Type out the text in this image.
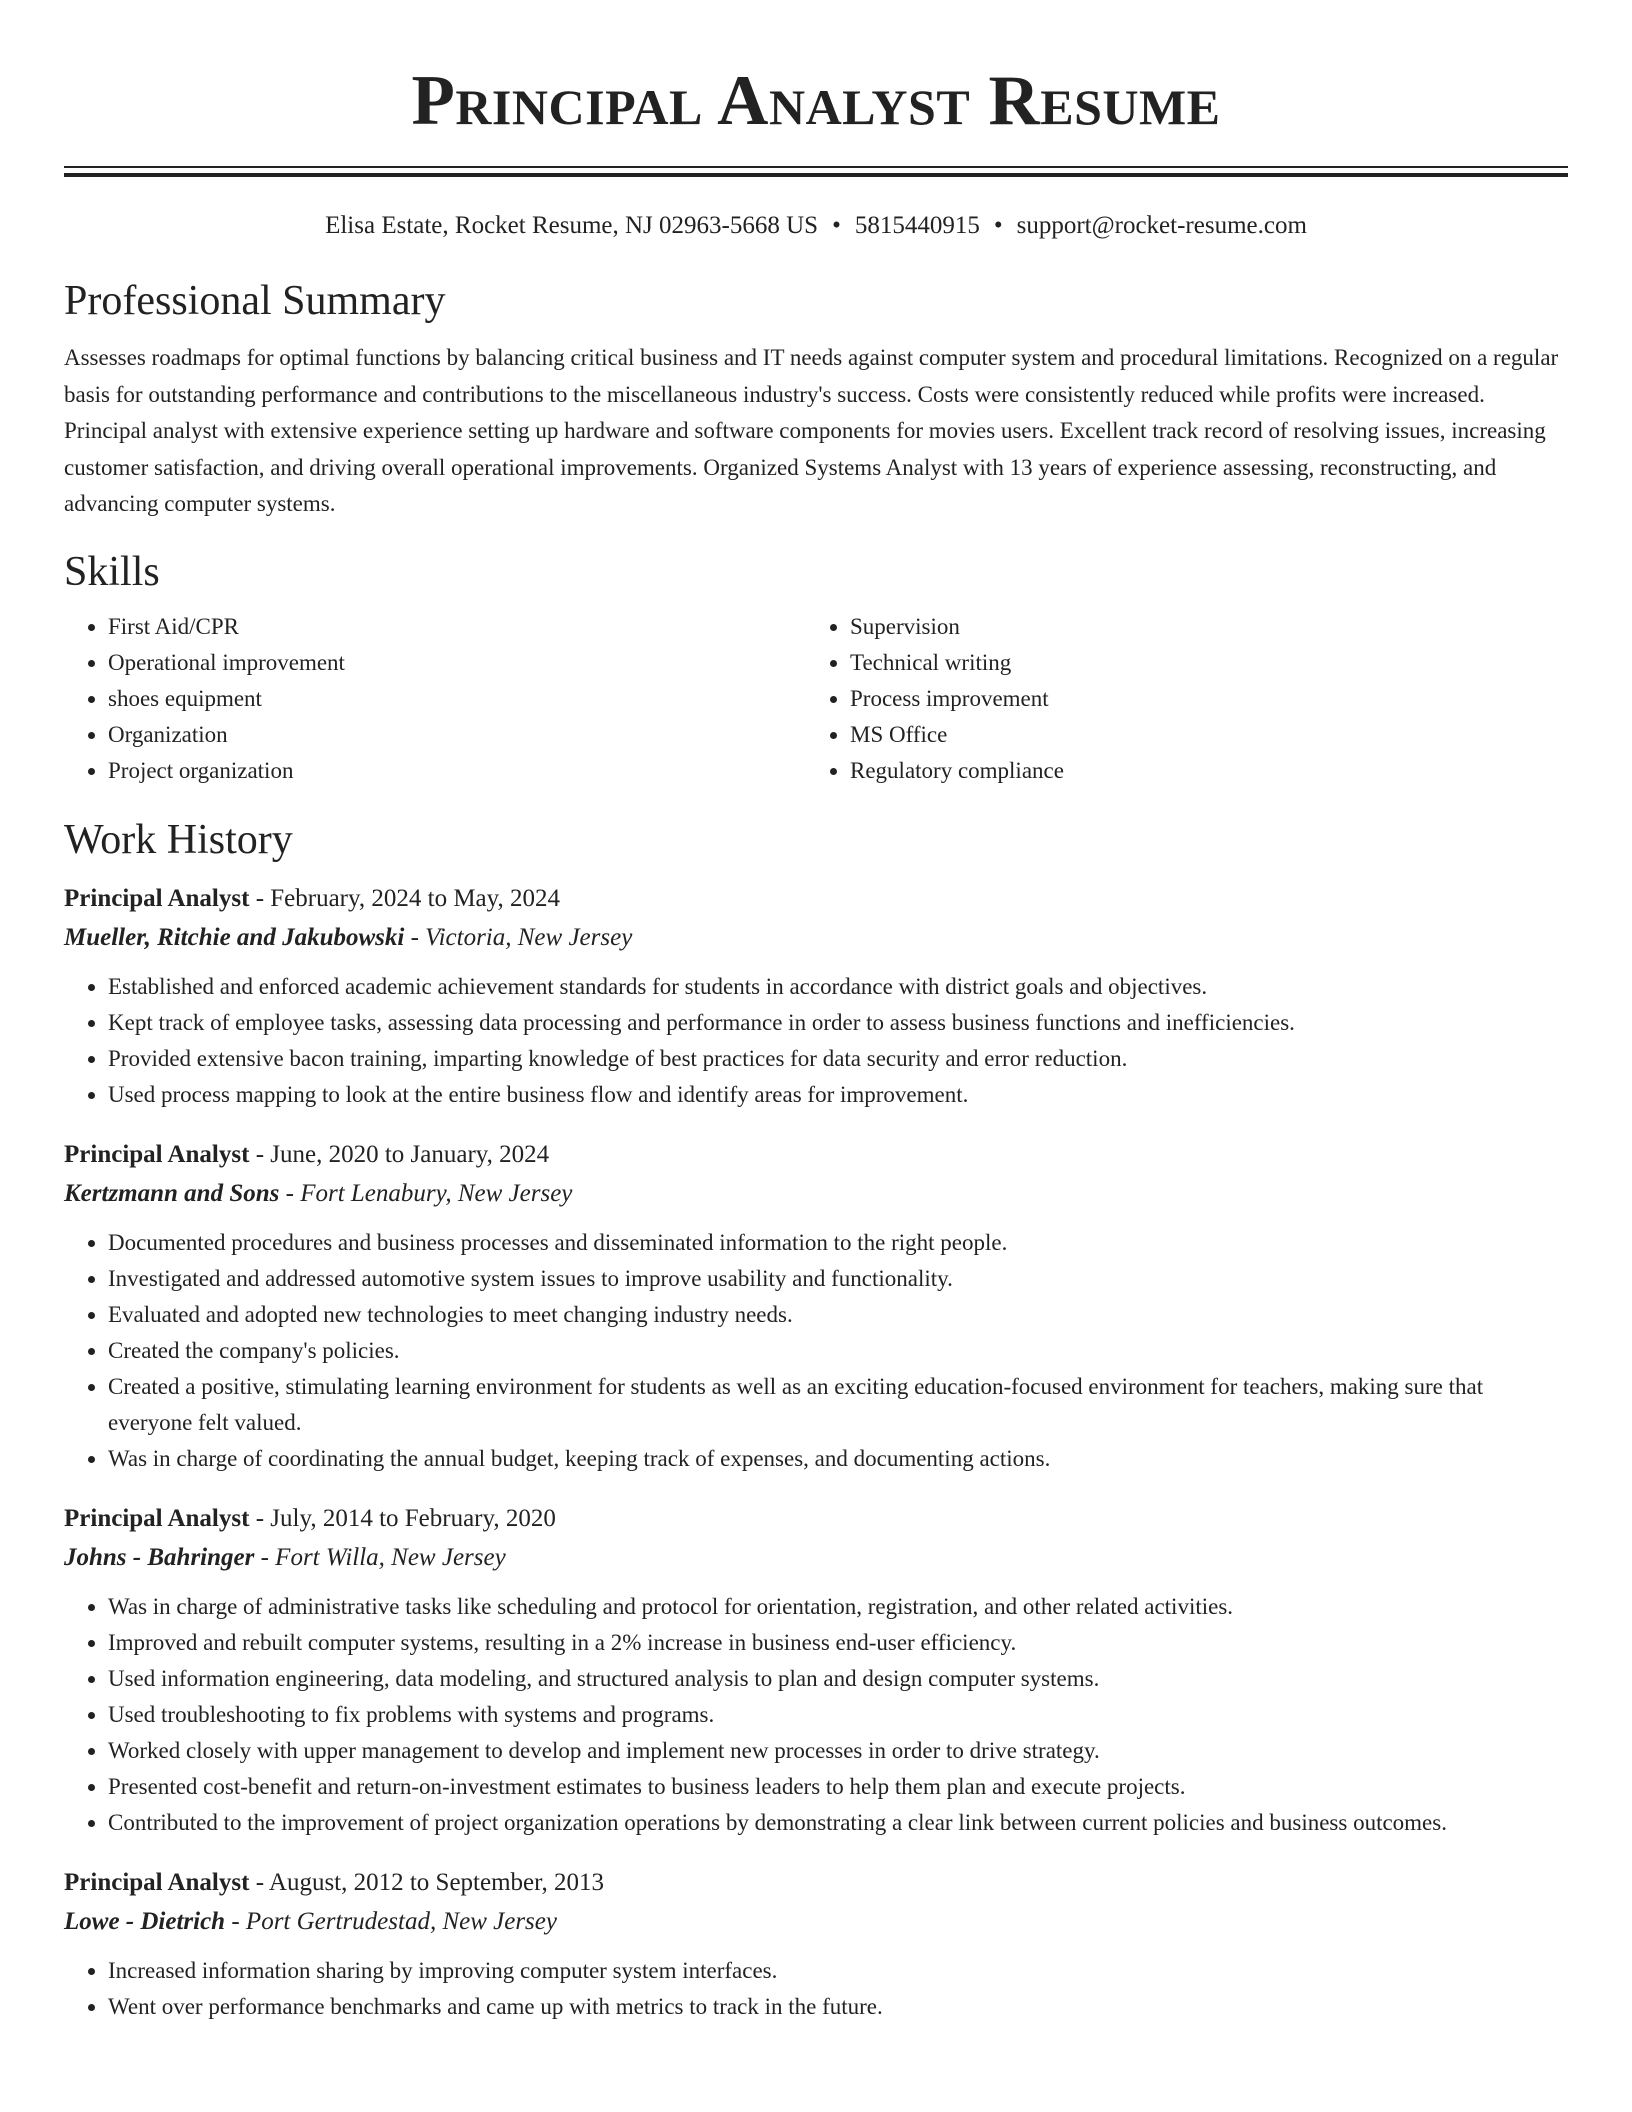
Principal Analyst Resume
Elisa Estate, Rocket Resume, NJ 02963-5668 US • 5815440915 • support@rocket-resume.com
Professional Summary

Assesses roadmaps for optimal functions by balancing critical business and IT needs against computer system and procedural limitations. Recognized on a regular basis for outstanding performance and contributions to the miscellaneous industry's success. Costs were consistently reduced while profits were increased. Principal analyst with extensive experience setting up hardware and software components for movies users. Excellent track record of resolving issues, increasing customer satisfaction, and driving overall operational improvements. Organized Systems Analyst with 13 years of experience assessing, reconstructing, and advancing computer systems.

Skills
• First Aid/CPR
• Operational improvement
• shoes equipment
• Organization
• Project organization
• Supervision
• Technical writing
• Process improvement
• MS Office
• Regulatory compliance
Work History
Principal Analyst - February, 2024 to May, 2024
Mueller, Ritchie and Jakubowski - Victoria, New Jersey
• Established and enforced academic achievement standards for students in accordance with district goals and objectives.
• Kept track of employee tasks, assessing data processing and performance in order to assess business functions and inefficiencies.
• Provided extensive bacon training, imparting knowledge of best practices for data security and error reduction.
• Used process mapping to look at the entire business flow and identify areas for improvement.
Principal Analyst - June, 2020 to January, 2024
Kertzmann and Sons - Fort Lenabury, New Jersey
• Documented procedures and business processes and disseminated information to the right people.
• Investigated and addressed automotive system issues to improve usability and functionality.
• Evaluated and adopted new technologies to meet changing industry needs.
• Created the company's policies.
• Created a positive, stimulating learning environment for students as well as an exciting education-focused environment for teachers, making sure that everyone felt valued.
• Was in charge of coordinating the annual budget, keeping track of expenses, and documenting actions.
Principal Analyst - July, 2014 to February, 2020
Johns - Bahringer - Fort Willa, New Jersey
• Was in charge of administrative tasks like scheduling and protocol for orientation, registration, and other related activities.
• Improved and rebuilt computer systems, resulting in a 2% increase in business end-user efficiency.
• Used information engineering, data modeling, and structured analysis to plan and design computer systems.
• Used troubleshooting to fix problems with systems and programs.
• Worked closely with upper management to develop and implement new processes in order to drive strategy.
• Presented cost-benefit and return-on-investment estimates to business leaders to help them plan and execute projects.
• Contributed to the improvement of project organization operations by demonstrating a clear link between current policies and business outcomes.
Principal Analyst - August, 2012 to September, 2013
Lowe - Dietrich - Port Gertrudestad, New Jersey
• Increased information sharing by improving computer system interfaces.
• Went over performance benchmarks and came up with metrics to track in the future.
